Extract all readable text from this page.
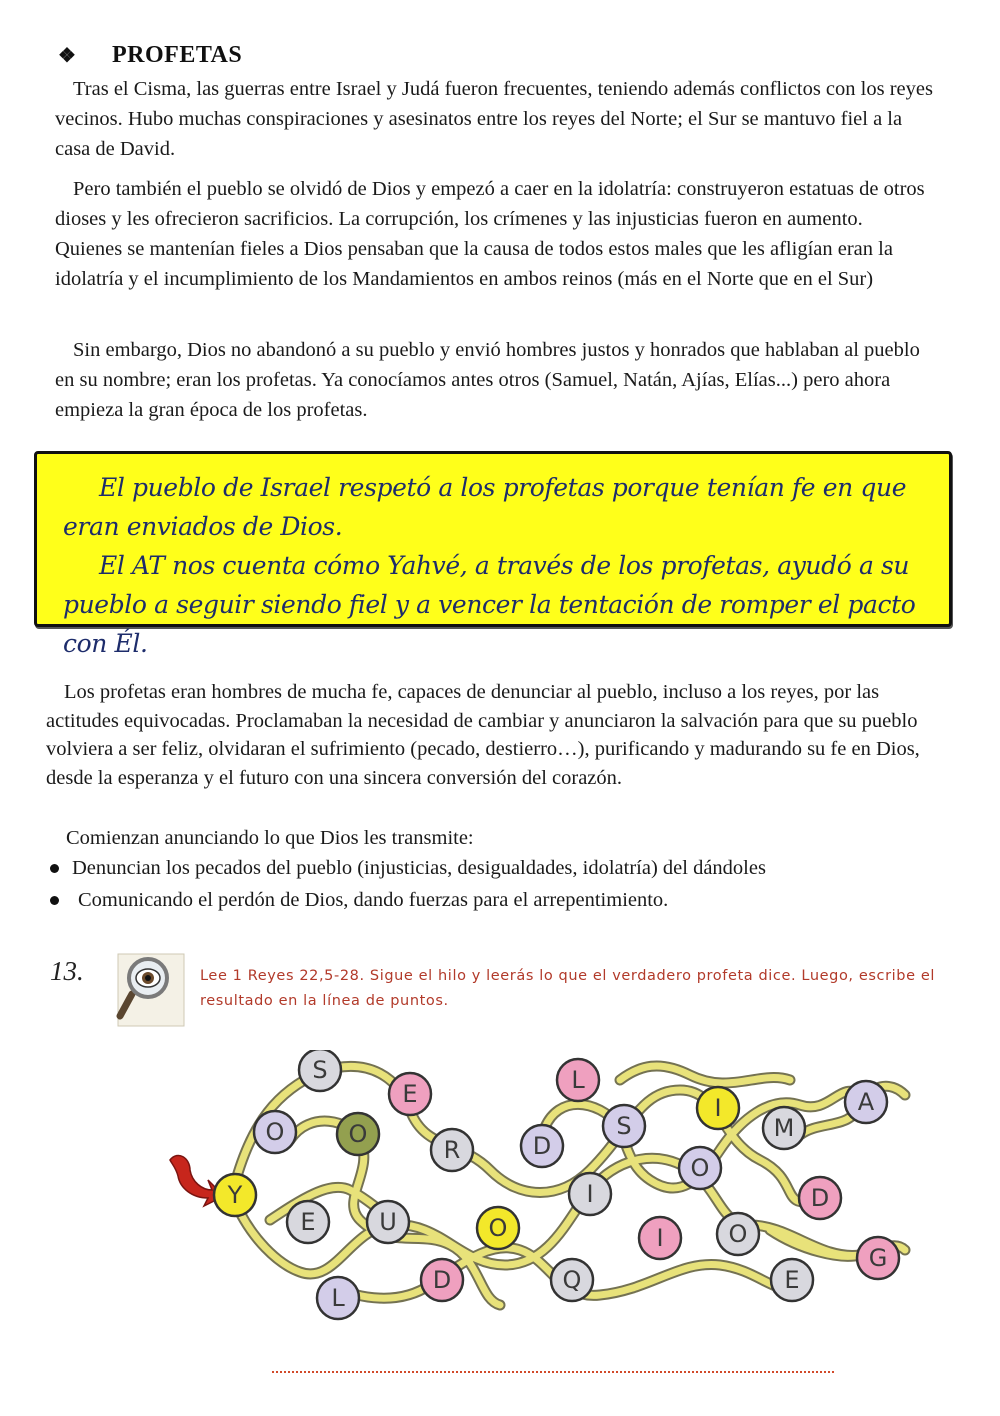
❖ PROFETAS

Tras el Cisma, las guerras entre Israel y Judá fueron frecuentes, teniendo además conflictos con los reyes vecinos. Hubo muchas conspiraciones y asesinatos entre los reyes del Norte; el Sur se mantuvo fiel a la casa de David.

Pero también el pueblo se olvidó de Dios y empezó a caer en la idolatría: construyeron estatuas de otros dioses y les ofrecieron sacrificios. La corrupción, los crímenes y las injusticias fueron en aumento. Quienes se mantenían fieles a Dios pensaban que la causa de todos estos males que les afligían eran la idolatría y el incumplimiento de los Mandamientos en ambos reinos (más en el Norte que en el Sur)

Sin embargo, Dios no abandonó a su pueblo y envió hombres justos y honrados que hablaban al pueblo en su nombre; eran los profetas. Ya conocíamos antes otros (Samuel, Natán, Ajías, Elías...) pero ahora empieza la gran época de los profetas.

El pueblo de Israel respetó a los profetas porque tenían fe en que eran enviados de Dios.

El AT nos cuenta cómo Yahvé, a través de los profetas, ayudó a su pueblo a seguir siendo fiel y a vencer la tentación de romper el pacto con Él.

Los profetas eran hombres de mucha fe, capaces de denunciar al pueblo, incluso a los reyes, por las actitudes equivocadas. Proclamaban la necesidad de cambiar y anunciaron la salvación para que su pueblo volviera a ser feliz, olvidaran el sufrimiento (pecado, destierro…), purificando y madurando su fe en Dios, desde la esperanza y el futuro con una sincera conversión del corazón.

Comienzan anunciando lo que Dios les transmite:
Denuncian los pecados del pueblo (injusticias, desigualdades, idolatría) del dándoles
Comunicando el perdón de Dios, dando fuerzas para el arrepentimiento.
13.	Lee 1 Reyes 22,5-28. Sigue el hilo y leerás lo que el verdadero profeta dice. Luego, escribe el resultado en la línea de puntos.
Y
O
S
O
E
R
E	U
L
D
O
Q
D
L
S
I
I
I
O
O
M
D
E
A
G
